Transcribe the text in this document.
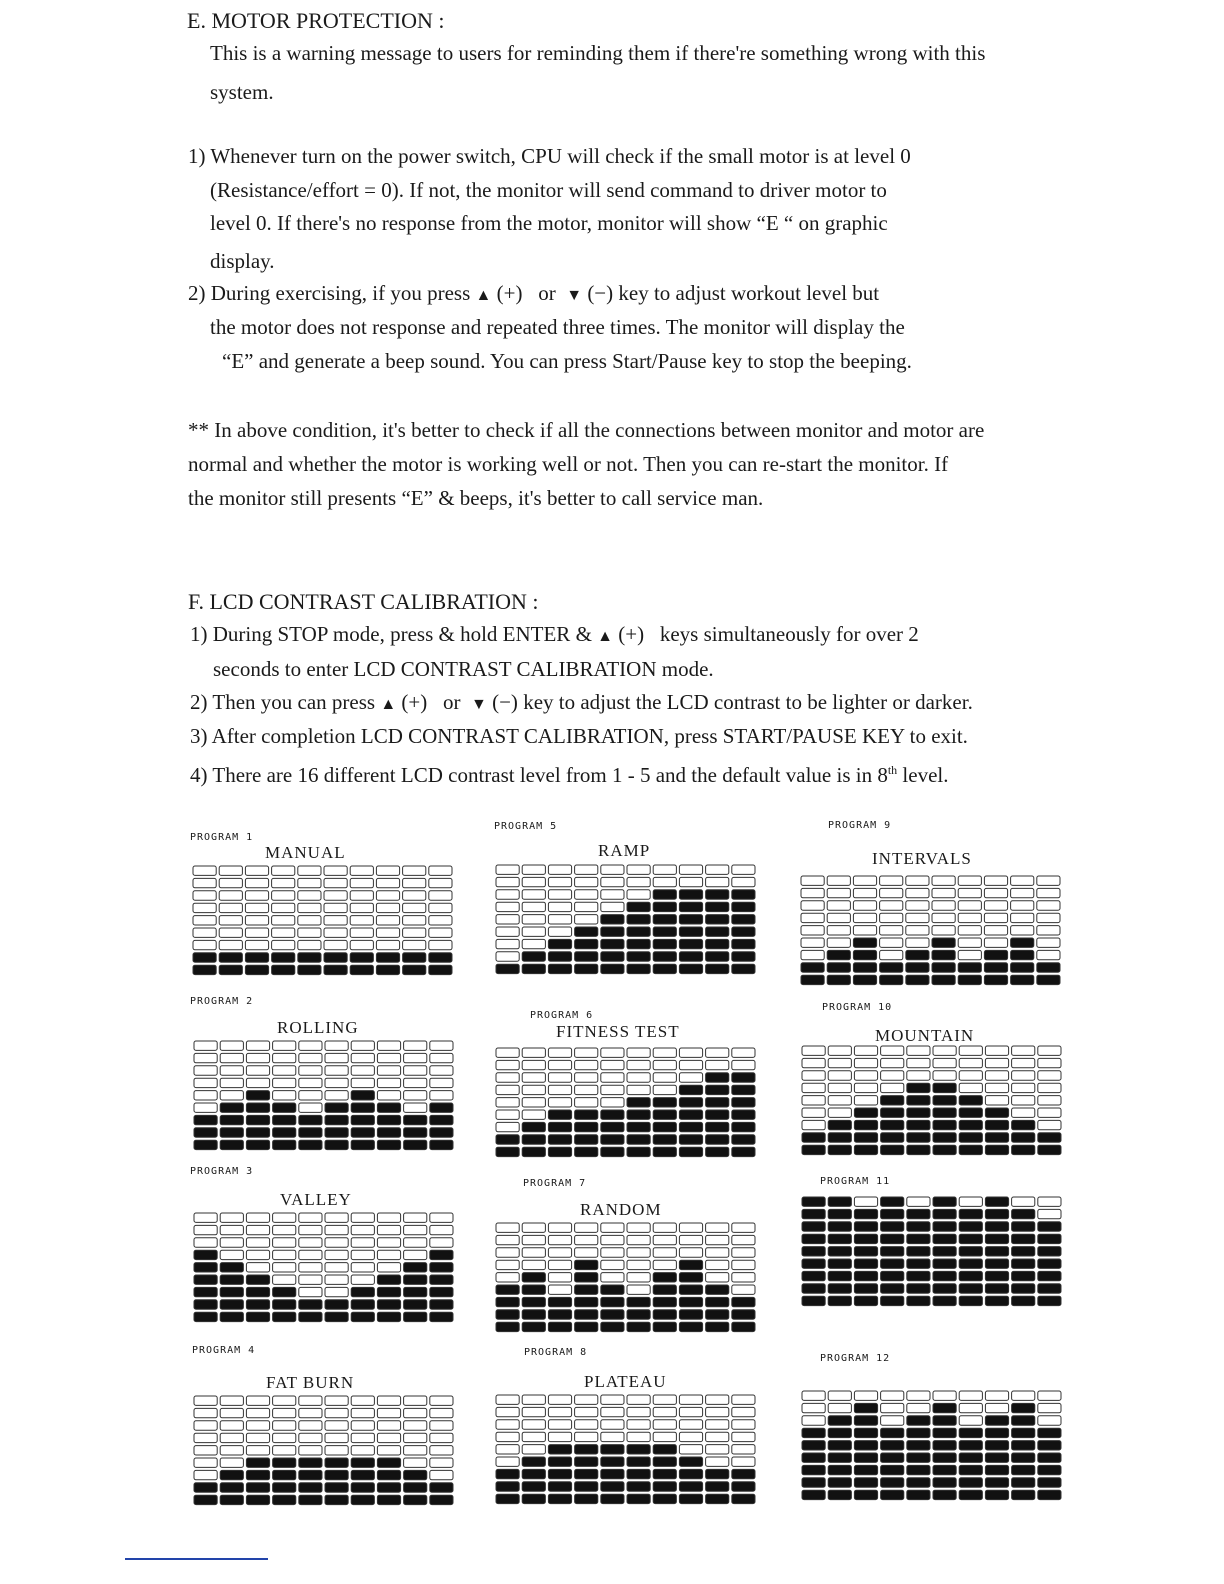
E. MOTOR PROTECTION :
This is a warning message to users for reminding them if there're something wrong with this
system.
1) Whenever turn on the power switch, CPU will check if the small motor is at level 0
(Resistance/effort = 0). If not, the monitor will send command to driver motor to
level 0. If there's no response from the motor, monitor will show “E “ on graphic
display.
2) During exercising, if you press ▲ (+) or ▼ (−) key to adjust workout level but
the motor does not response and repeated three times. The monitor will display the
“E” and generate a beep sound. You can press Start/Pause key to stop the beeping.
** In above condition, it's better to check if all the connections between monitor and motor are
normal and whether the motor is working well or not. Then you can re-start the monitor. If
the monitor still presents “E” & beeps, it's better to call service man.
F. LCD CONTRAST CALIBRATION :
1) During STOP mode, press & hold ENTER & ▲ (+) keys simultaneously for over 2
seconds to enter LCD CONTRAST CALIBRATION mode.
2) Then you can press ▲ (+) or ▼ (−) key to adjust the LCD contrast to be lighter or darker.
3) After completion LCD CONTRAST CALIBRATION, press START/PAUSE KEY to exit.
4) There are 16 different LCD contrast level from 1 - 5 and the default value is in 8th level.
PROGRAM 1
MANUAL
PROGRAM 5
RAMP
PROGRAM 9
INTERVALS
PROGRAM 2
ROLLING
PROGRAM 6
FITNESS TEST
PROGRAM 10
MOUNTAIN
PROGRAM 3
VALLEY
PROGRAM 7
RANDOM
PROGRAM 11
PROGRAM 4
FAT BURN
PROGRAM 8
PLATEAU
PROGRAM 12
